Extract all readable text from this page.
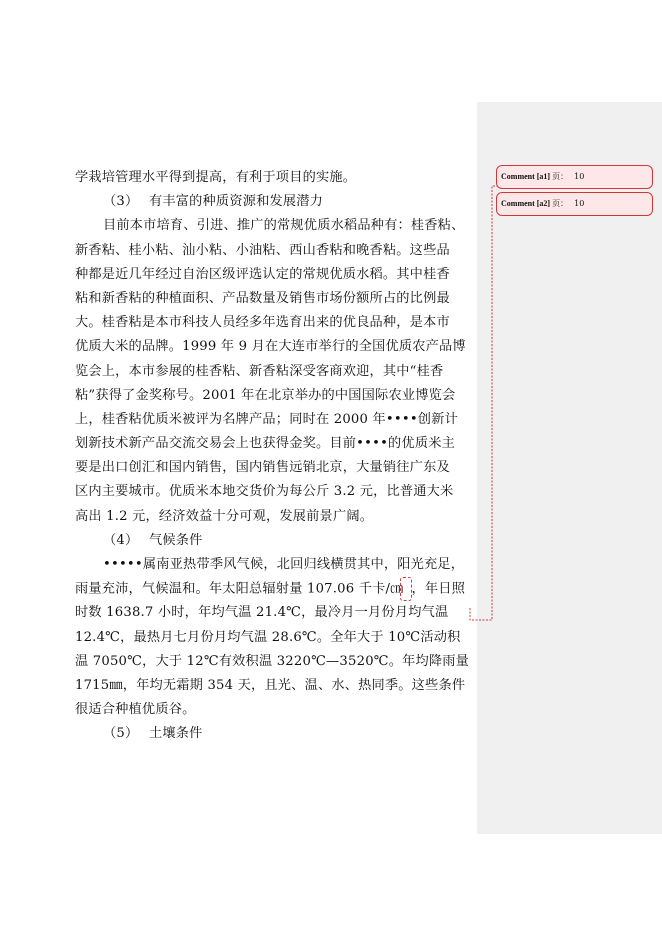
学栽培管理水平得到提高，有利于项目的实施。
（3） 有丰富的种质资源和发展潜力
目前本市培育、引进、推广的常规优质水稻品种有：桂香粘、
新香粘、桂小粘、汕小粘、小油粘、西山香粘和晚香粘。这些品
种都是近几年经过自治区级评选认定的常规优质水稻。其中桂香
粘和新香粘的种植面积、产品数量及销售市场份额所占的比例最
大。桂香粘是本市科技人员经多年选育出来的优良品种，是本市
优质大米的品牌。1999 年 9 月在大连市举行的全国优质农产品博
览会上，本市参展的桂香粘、新香粘深受客商欢迎，其中“桂香
粘”获得了金奖称号。2001 年在北京举办的中国国际农业博览会
上，桂香粘优质米被评为名牌产品；同时在 2000 年••••创新计
划新技术新产品交流交易会上也获得金奖。目前••••的优质米主
要是出口创汇和国内销售，国内销售远销北京，大量销往广东及
区内主要城市。优质米本地交货价为每公斤 3.2 元，比普通大米
高出 1.2 元，经济效益十分可观，发展前景广阔。
（4） 气候条件
•••••属南亚热带季风气候，北回归线横贯其中，阳光充足，
雨量充沛，气候温和。年太阳总辐射量 107.06 千卡/㎝ ，年日照
时数 1638.7 小时，年均气温 21.4℃，最冷月一月份月均气温
12.4℃，最热月七月份月均气温 28.6℃。全年大于 10℃活动积
温 7050℃，大于 12℃有效积温 3220℃—3520℃。年均降雨量
1715㎜，年均无霜期 354 天，且光、温、水、热同季。这些条件
很适合种植优质谷。
（5） 土壤条件
Comment [a1] 页： 10
Comment [a2] 页： 10
